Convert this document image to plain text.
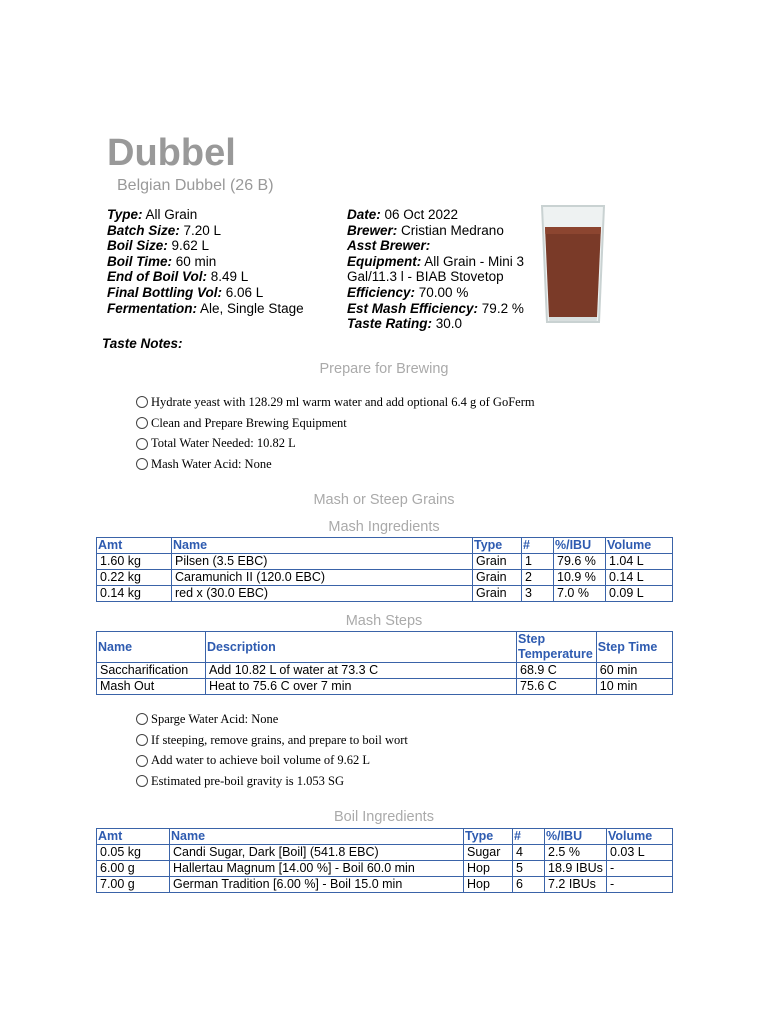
Dubbel
Belgian Dubbel (26 B)
Type: All Grain
Batch Size: 7.20 L
Boil Size: 9.62 L
Boil Time: 60 min
End of Boil Vol: 8.49 L
Final Bottling Vol: 6.06 L
Fermentation: Ale, Single Stage
Date: 06 Oct 2022
Brewer: Cristian Medrano
Asst Brewer:
Equipment: All Grain - Mini 3 Gal/11.3 l - BIAB Stovetop
Efficiency: 70.00 %
Est Mash Efficiency: 79.2 %
Taste Rating: 30.0
Taste Notes:
Prepare for Brewing
Hydrate yeast with 128.29 ml warm water and add optional 6.4 g of GoFerm
Clean and Prepare Brewing Equipment
Total Water Needed: 10.82 L
Mash Water Acid: None
Mash or Steep Grains
Mash Ingredients
Amt	Name	Type	#	%/IBU	Volume
1.60 kg	Pilsen (3.5 EBC)	Grain	1	79.6 %	1.04 L
0.22 kg	Caramunich II (120.0 EBC)	Grain	2	10.9 %	0.14 L
0.14 kg	red x (30.0 EBC)	Grain	3	7.0 %	0.09 L
Mash Steps
Name	Description	Step Temperature	Step Time
Saccharification	Add 10.82 L of water at 73.3 C	68.9 C	60 min
Mash Out	Heat to 75.6 C over 7 min	75.6 C	10 min
Sparge Water Acid: None
If steeping, remove grains, and prepare to boil wort
Add water to achieve boil volume of 9.62 L
Estimated pre-boil gravity is 1.053 SG
Boil Ingredients
Amt	Name	Type	#	%/IBU	Volume
0.05 kg	Candi Sugar, Dark [Boil] (541.8 EBC)	Sugar	4	2.5 %	0.03 L
6.00 g	Hallertau Magnum [14.00 %] - Boil 60.0 min	Hop	5	18.9 IBUs	-
7.00 g	German Tradition [6.00 %] - Boil 15.0 min	Hop	6	7.2 IBUs	-
